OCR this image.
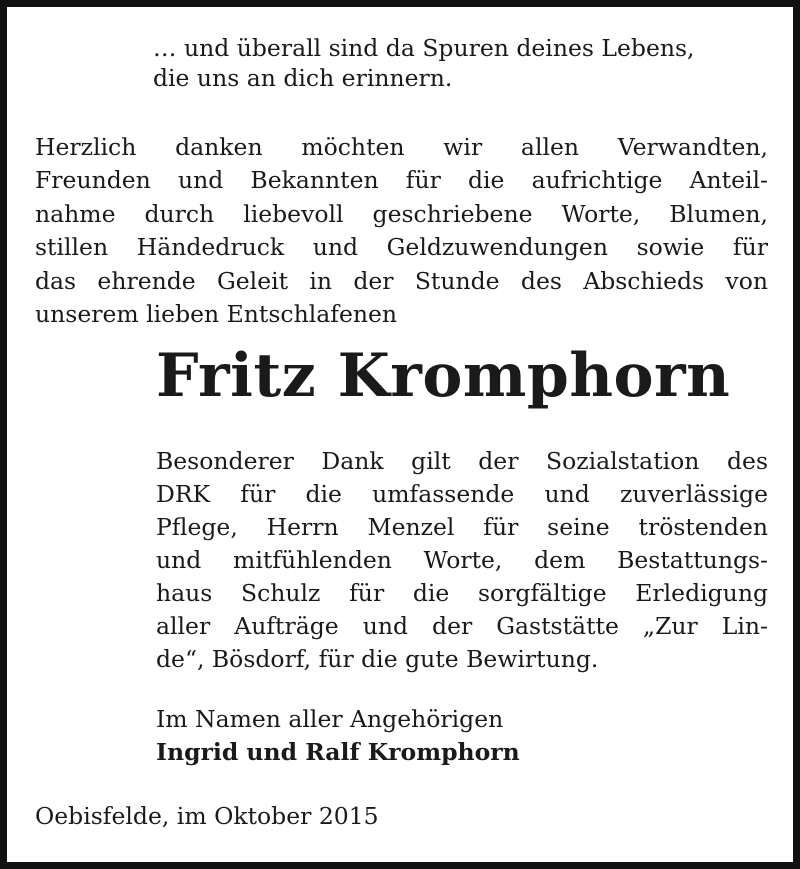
… und überall sind da Spuren deines Lebens,
die uns an dich erinnern.
Herzlich danken möchten wir allen Verwandten,
Freunden und Bekannten für die aufrichtige Anteil-
nahme durch liebevoll geschriebene Worte, Blumen,
stillen Händedruck und Geldzuwendungen sowie für
das ehrende Geleit in der Stunde des Abschieds von
unserem lieben Entschlafenen
Fritz Kromphorn
Besonderer Dank gilt der Sozialstation des
DRK für die umfassende und zuverlässige
Pflege, Herrn Menzel für seine tröstenden
und mitfühlenden Worte, dem Bestattungs-
haus Schulz für die sorgfältige Erledigung
aller Aufträge und der Gaststätte „Zur Lin-
de“, Bösdorf, für die gute Bewirtung.
Im Namen aller Angehörigen
Ingrid und Ralf Kromphorn
Oebisfelde, im Oktober 2015
